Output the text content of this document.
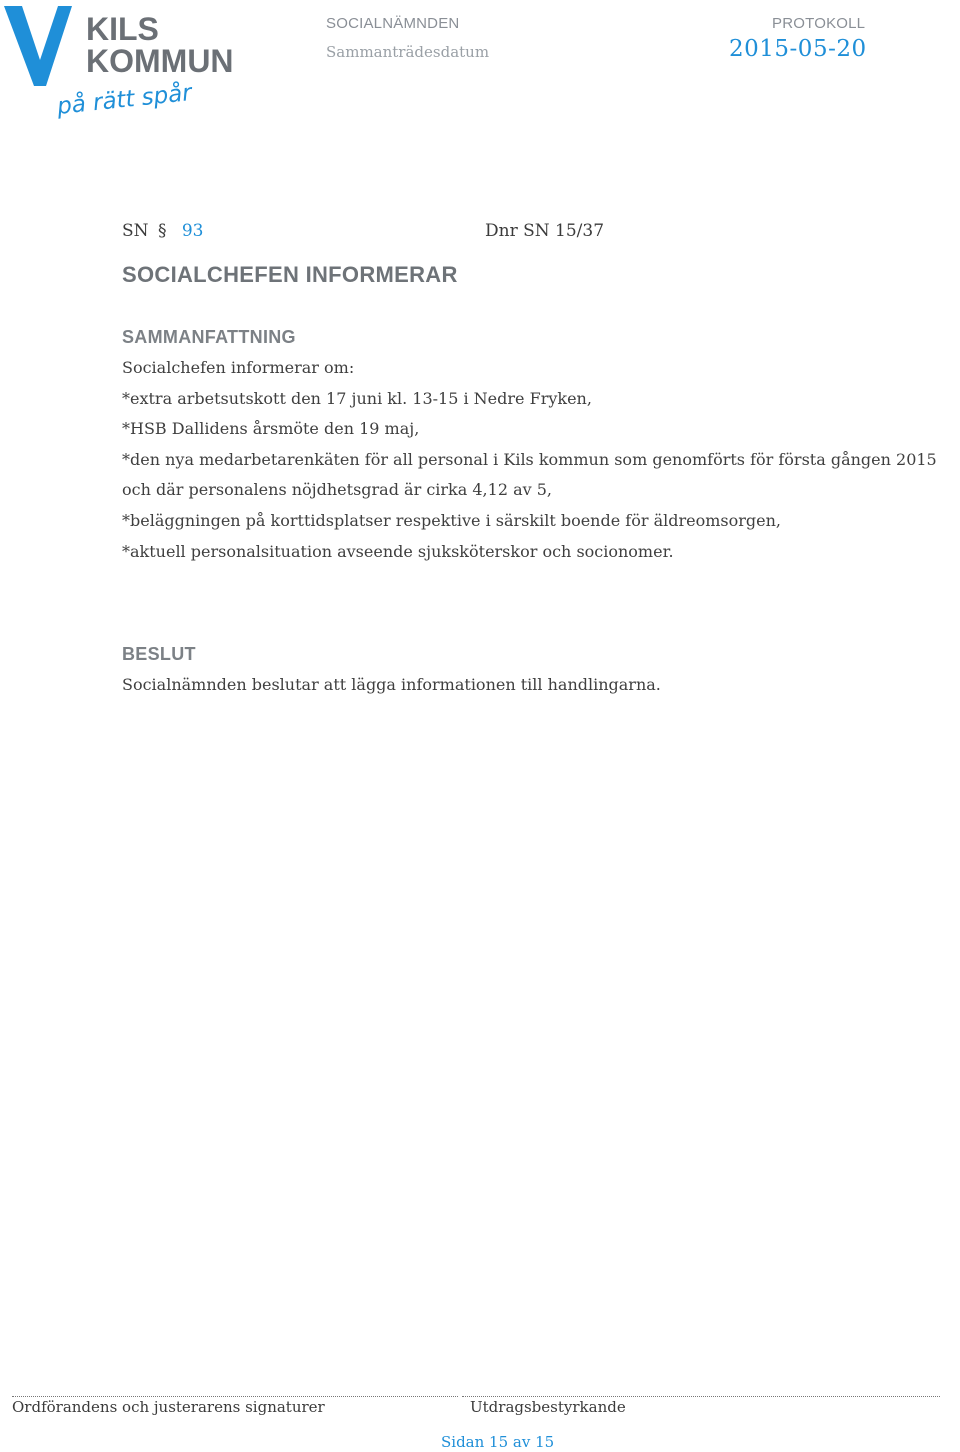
KILS
KOMMUN
på rätt spår
SOCIALNÄMNDEN
Sammanträdesdatum
PROTOKOLL
2015-05-20
SN § 93	Dnr SN 15/37
SOCIALCHEFEN INFORMERAR
SAMMANFATTNING
Socialchefen informerar om:
*extra arbetsutskott den 17 juni kl. 13-15 i Nedre Fryken,
*HSB Dallidens årsmöte den 19 maj,
*den nya medarbetarenkäten för all personal i Kils kommun som genomförts för första gången 2015
och där personalens nöjdhetsgrad är cirka 4,12 av 5,
*beläggningen på korttidsplatser respektive i särskilt boende för äldreomsorgen,
*aktuell personalsituation avseende sjuksköterskor och socionomer.
BESLUT
Socialnämnden beslutar att lägga informationen till handlingarna.
Ordförandens och justerarens signaturer	Utdragsbestyrkande
Sidan 15 av 15
